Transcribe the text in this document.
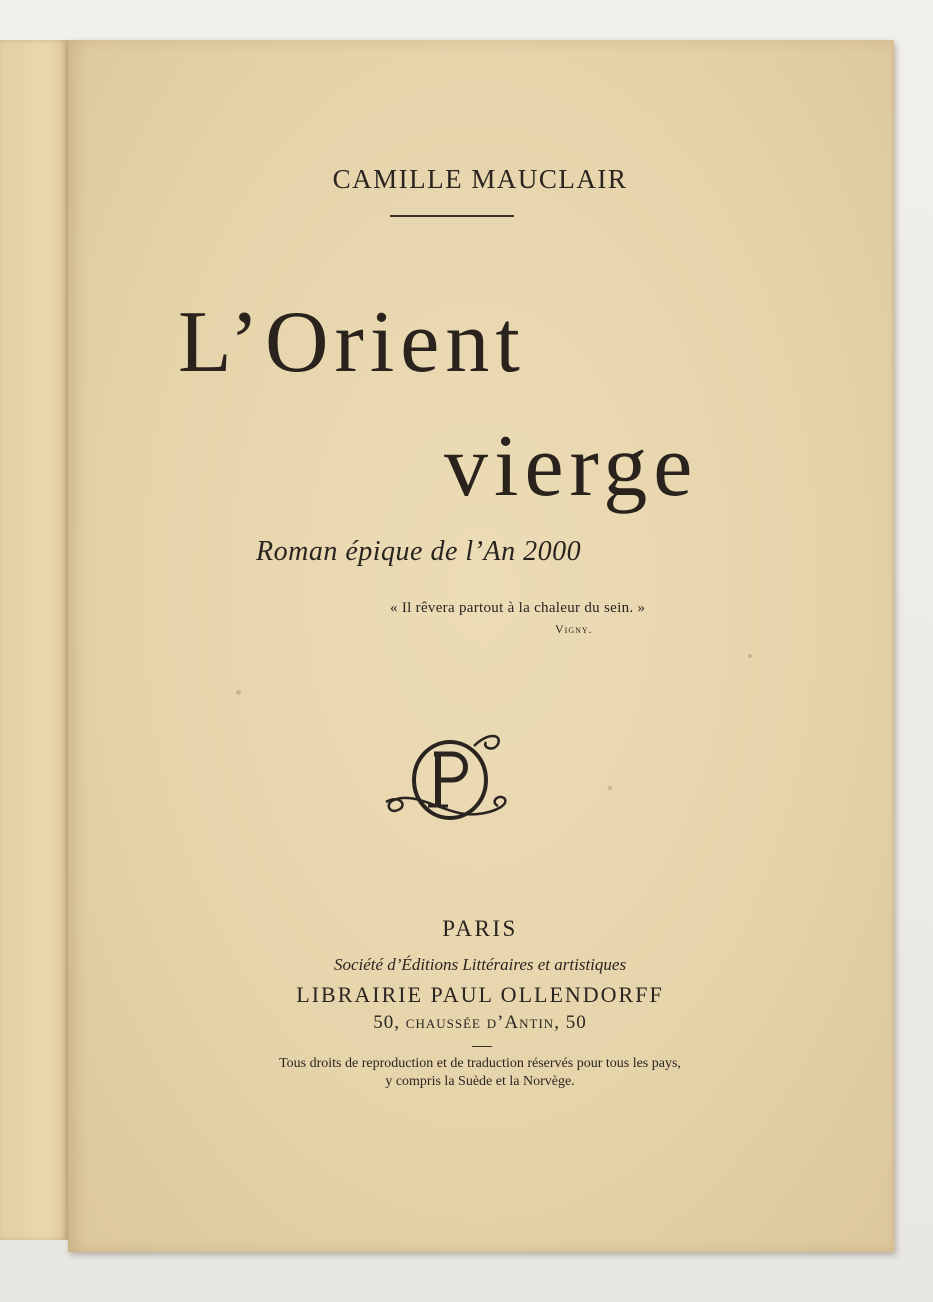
CAMILLE MAUCLAIR
L’Orient
vierge
Roman épique de l’An 2000
« Il rêvera partout à la chaleur du sein. »
Vigny.
PARIS
Société d’Éditions Littéraires et artistiques
LIBRAIRIE PAUL OLLENDORFF
50, chaussée d’Antin, 50
Tous droits de reproduction et de traduction réservés pour tous les pays,
y compris la Suède et la Norvège.
